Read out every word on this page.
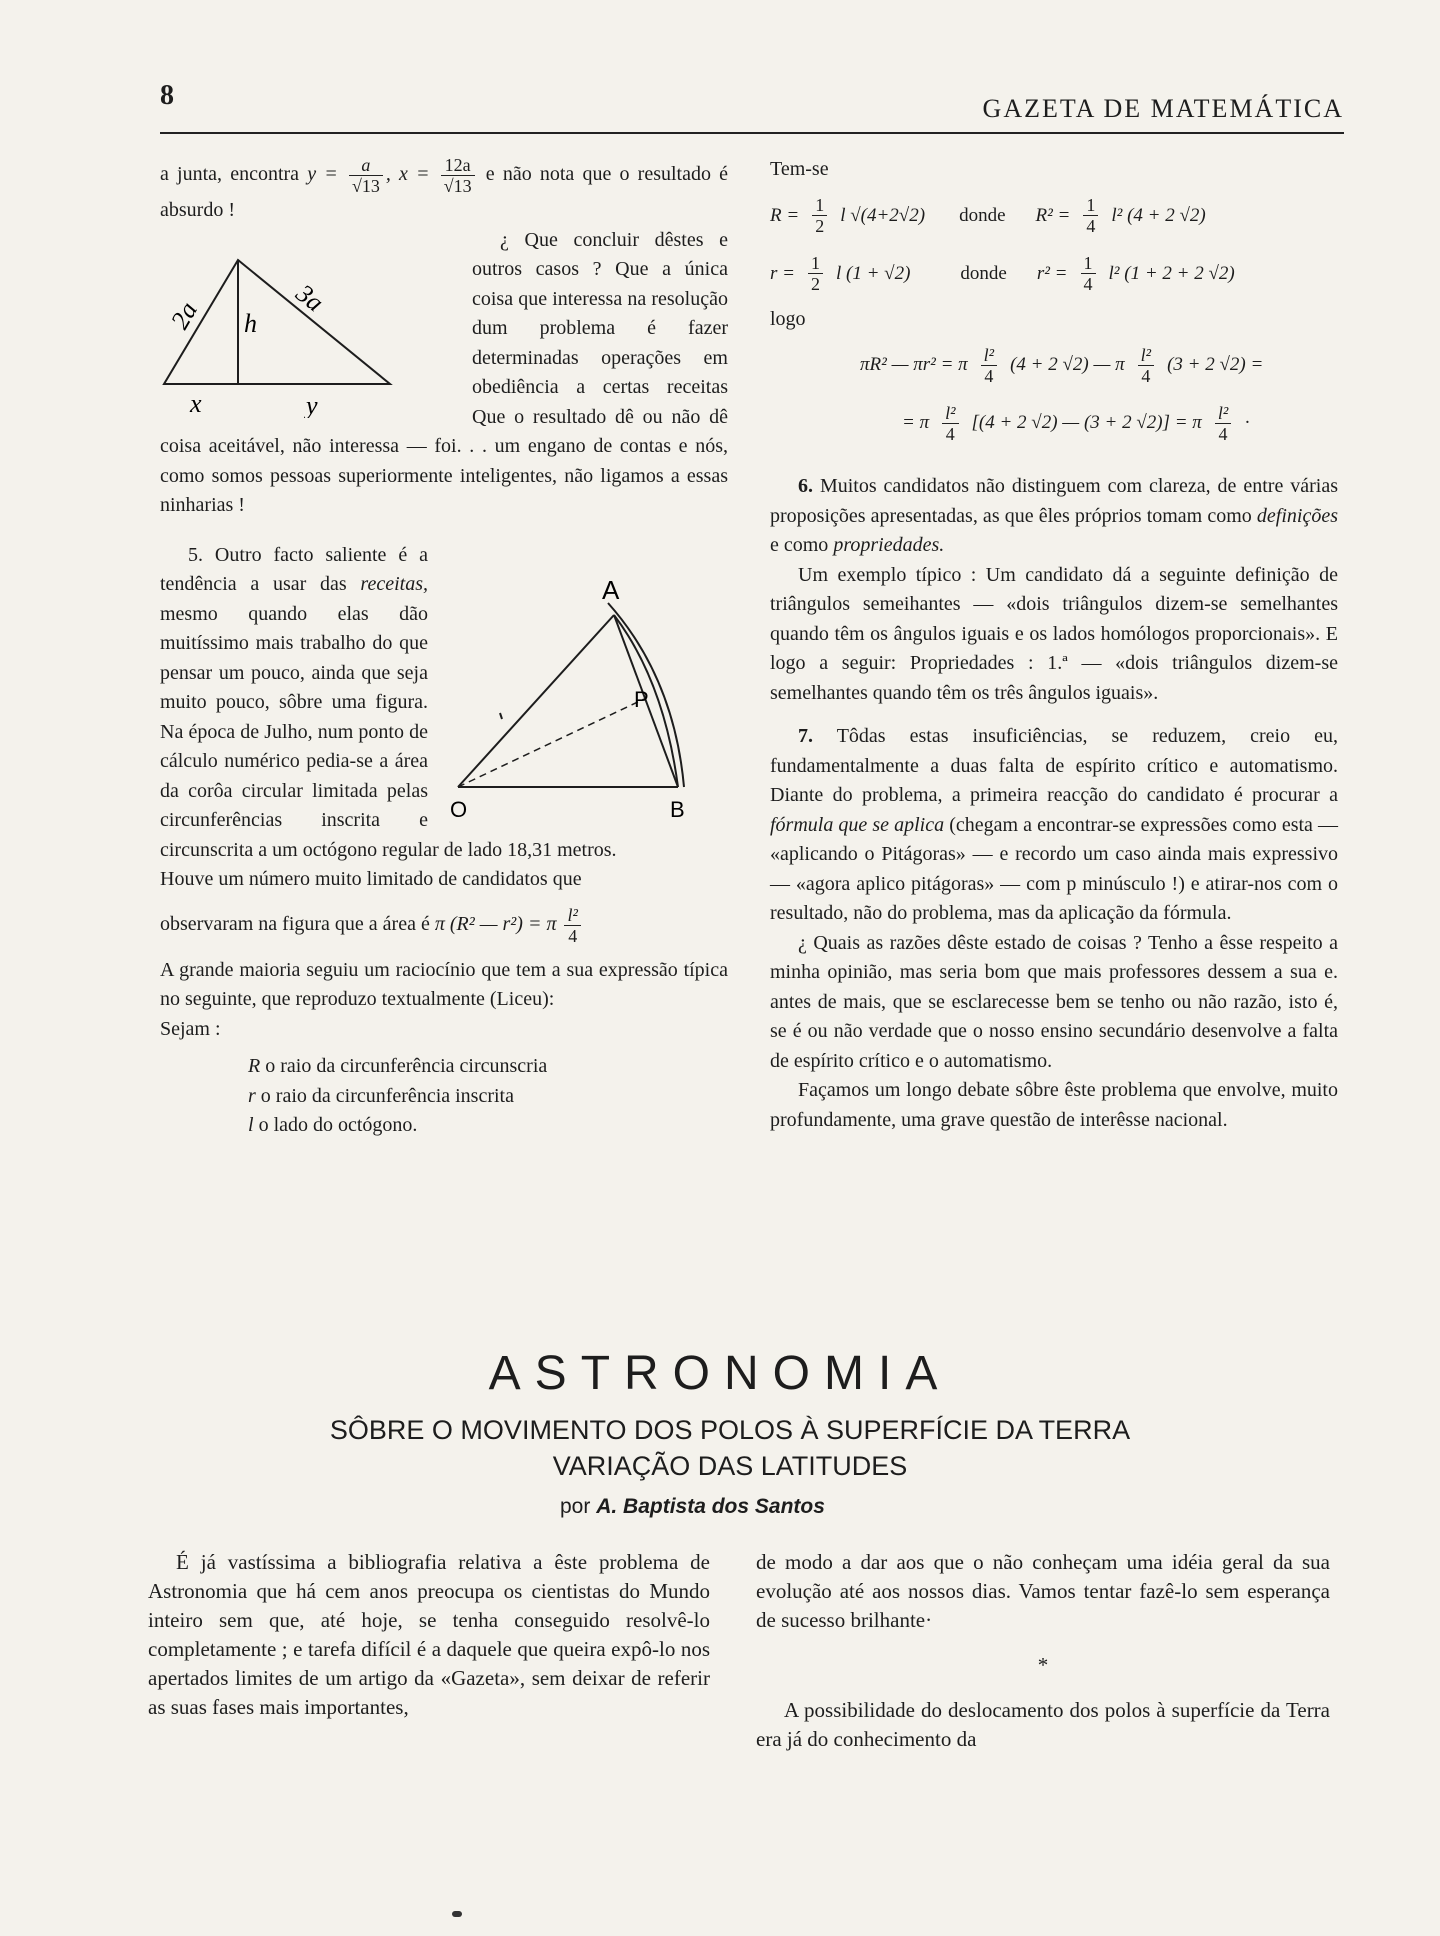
8	GAZETA DE MATEMÁTICA

a junta, encontra $y = \frac{a}{√13}$ , $x = \frac{12a}{√13}$ e não nota que o resultado é absurdo !

2a h
3a
x	y
¿ Que concluir dêstes e outros casos ? Que a única coisa que interessa na resolução dum problema é fazer determinadas operações em obediência a certas receitas Que o resultado dê ou não dê coisa aceitável, não interessa — foi. . . um engano de contas e nós, como somos pessoas superiormente inteligentes, não ligamos a essas ninharias !

A
P
O	B
5. Outro facto saliente é a tendência a usar das receitas, mesmo quando elas dão muitíssimo mais trabalho do que pensar um pouco, ainda que seja muito pouco, sôbre uma figura. Na época de Julho, num ponto de cálculo numérico pedia-se a área da corôa circular limitada pelas circunferências inscrita e circunscrita a um octógono regular de lado 18,31 metros.

Houve um número muito limitado de candidatos que

observaram na figura que a área é π (R² — r²) = π $\frac{\text{l²}}{4}$

A grande maioria seguiu um raciocínio que tem a sua expressão típica no seguinte, que reproduzo textualmente (Liceu):

Sejam :

R o raio da circunferência circunscria
r o raio da circunferência inscrita
l o lado do octógono.

Tem-se

$R = \frac{1}{2}$ l √(4+2√2) donde $R^2 = \frac{1}{4} l^2$ (4 + 2 √2)
$r = \frac{1}{2}$ l (1 + √2)	donde $r^2 = \frac{1}{4} l^2$ (1 + 2 + 2 √2)

logo

πR² — πr² = π $\frac{\text{l²}}{4} (4 + 2$ √2) — π $\frac{\text{l²}}{4} (3 + 2$ √2) =
= π $\frac{\text{l²}}{4} [(4 + 2$ √2) — (3 + 2 √2)] = π $\frac{\text{l²}}{4}$ ·

6. Muitos candidatos não distinguem com clareza, de entre várias proposições apresentadas, as que êles próprios tomam como definições e como propriedades.

Um exemplo típico : Um candidato dá a seguinte definição de triângulos semeihantes — «dois triângulos dizem-se semelhantes quando têm os ângulos iguais e os lados homólogos proporcionais». E logo a seguir: Propriedades : 1.ª — «dois triângulos dizem-se semelhantes quando têm os três ângulos iguais».

7. Tôdas estas insuficiências, se reduzem, creio eu, fundamentalmente a duas falta de espírito crítico e automatismo. Diante do problema, a primeira reacção do candidato é procurar a fórmula que se aplica (chegam a encontrar-se expressões como esta — «aplicando o Pitágoras» — e recordo um caso ainda mais expressivo — «agora aplico pitágoras» — com p minúsculo !) e atirar-nos com o resultado, não do problema, mas da aplicação da fórmula.

¿ Quais as razões dêste estado de coisas ? Tenho a êsse respeito a minha opinião, mas seria bom que mais professores dessem a sua e. antes de mais, que se esclarecesse bem se tenho ou não razão, isto é, se é ou não verdade que o nosso ensino secundário desenvolve a falta de espírito crítico e o automatismo.

Façamos um longo debate sôbre êste problema que envolve, muito profundamente, uma grave questão de interêsse nacional.

ASTRONOMIA
SÔBRE O MOVIMENTO DOS POLOS À SUPERFÍCIE DA TERRA
VARIAÇÃO DAS LATITUDES
por A. Baptista dos Santos

É já vastíssima a bibliografia relativa a êste problema de Astronomia que há cem anos preocupa os cientistas do Mundo inteiro sem que, até hoje, se tenha conseguido resolvê-lo completamente ; e tarefa difícil é a daquele que queira expô-lo nos apertados limites de um artigo da «Gazeta», sem deixar de referir as suas fases mais importantes,

de modo a dar aos que o não conheçam uma idéia geral da sua evolução até aos nossos dias. Vamos tentar fazê-lo sem esperança de sucesso brilhante·

*

A possibilidade do deslocamento dos polos à superfície da Terra era já do conhecimento da
